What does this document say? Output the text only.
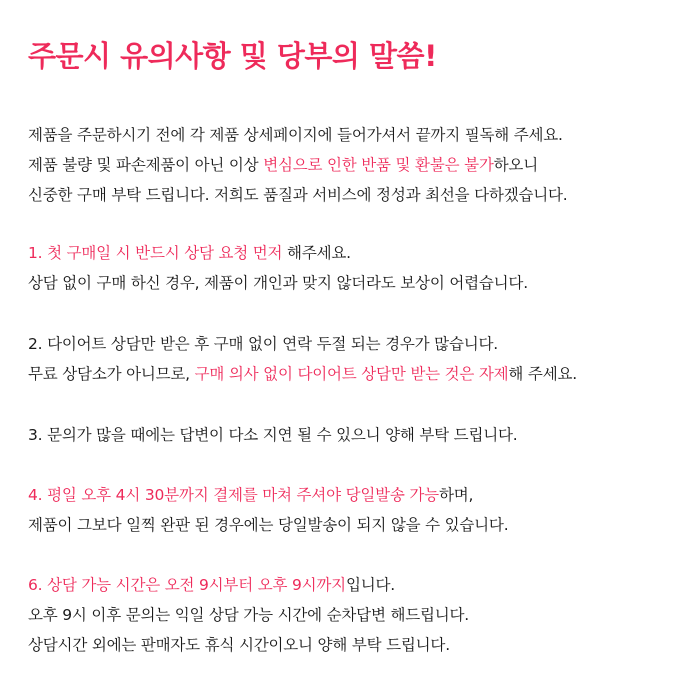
주문시 유의사항 및 당부의 말씀!
제품을 주문하시기 전에 각 제품 상세페이지에 들어가셔서 끝까지 필독해 주세요.
제품 불량 및 파손제품이 아닌 이상 변심으로 인한 반품 및 환불은 불가하오니
신중한 구매 부탁 드립니다. 저희도 품질과 서비스에 정성과 최선을 다하겠습니다.
1. 첫 구매일 시 반드시 상담 요청 먼저 해주세요.
상담 없이 구매 하신 경우, 제품이 개인과 맞지 않더라도 보상이 어렵습니다.
2. 다이어트 상담만 받은 후 구매 없이 연락 두절 되는 경우가 많습니다.
무료 상담소가 아니므로, 구매 의사 없이 다이어트 상담만 받는 것은 자제해 주세요.
3. 문의가 많을 때에는 답변이 다소 지연 될 수 있으니 양해 부탁 드립니다.
4. 평일 오후 4시 30분까지 결제를 마쳐 주셔야 당일발송 가능하며,
제품이 그보다 일찍 완판 된 경우에는 당일발송이 되지 않을 수 있습니다.
6. 상담 가능 시간은 오전 9시부터 오후 9시까지입니다.
오후 9시 이후 문의는 익일 상담 가능 시간에 순차답변 해드립니다.
상담시간 외에는 판매자도 휴식 시간이오니 양해 부탁 드립니다.
